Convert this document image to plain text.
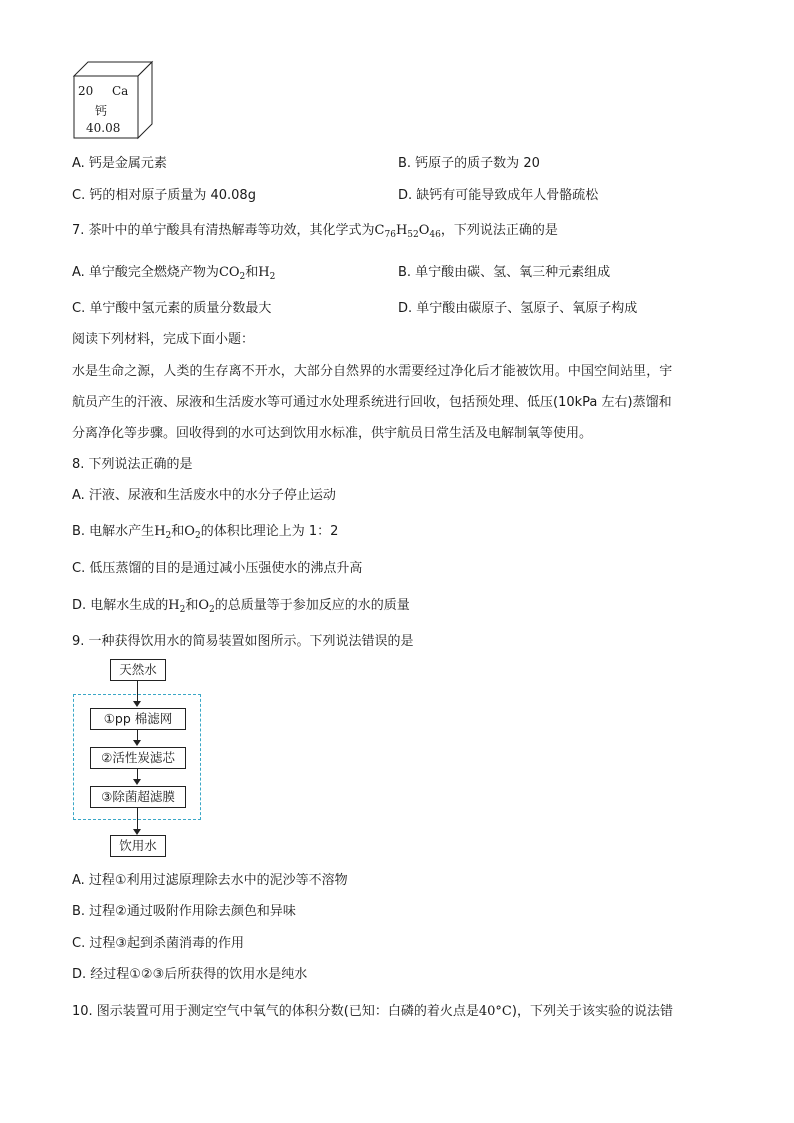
20 Ca
钙
40.08
A. 钙是金属元素	B. 钙原子的质子数为 20
C. 钙的相对原子质量为 40.08g	D. 缺钙有可能导致成年人骨骼疏松
7. 茶叶中的单宁酸具有清热解毒等功效，其化学式为$C_{76}H_{52}O_{46}$，下列说法正确的是
A. 单宁酸完全燃烧产物为$CO_2$和$H_2$	B. 单宁酸由碳、氢、氧三种元素组成
C. 单宁酸中氢元素的质量分数最大	D. 单宁酸由碳原子、氢原子、氧原子构成
阅读下列材料，完成下面小题：
水是生命之源，人类的生存离不开水，大部分自然界的水需要经过净化后才能被饮用。中国空间站里，宇
航员产生的汗液、尿液和生活废水等可通过水处理系统进行回收，包括预处理、低压(10kPa 左右)蒸馏和
分离净化等步骤。回收得到的水可达到饮用水标准，供宇航员日常生活及电解制氧等使用。
8. 下列说法正确的是
A. 汗液、尿液和生活废水中的水分子停止运动
B. 电解水产生$H_2$和$O_2$的体积比理论上为 1：2
C. 低压蒸馏的目的是通过减小压强使水的沸点升高
D. 电解水生成的$H_2$和$O_2$的总质量等于参加反应的水的质量
9. 一种获得饮用水的简易装置如图所示。下列说法错误的是
天然水
①pp 棉滤网
②活性炭滤芯
③除菌超滤膜
饮用水
A. 过程①利用过滤原理除去水中的泥沙等不溶物
B. 过程②通过吸附作用除去颜色和异味
C. 过程③起到杀菌消毒的作用
D. 经过程①②③后所获得的饮用水是纯水
10. 图示装置可用于测定空气中氧气的体积分数(已知：白磷的着火点是40°C)，下列关于该实验的说法错
